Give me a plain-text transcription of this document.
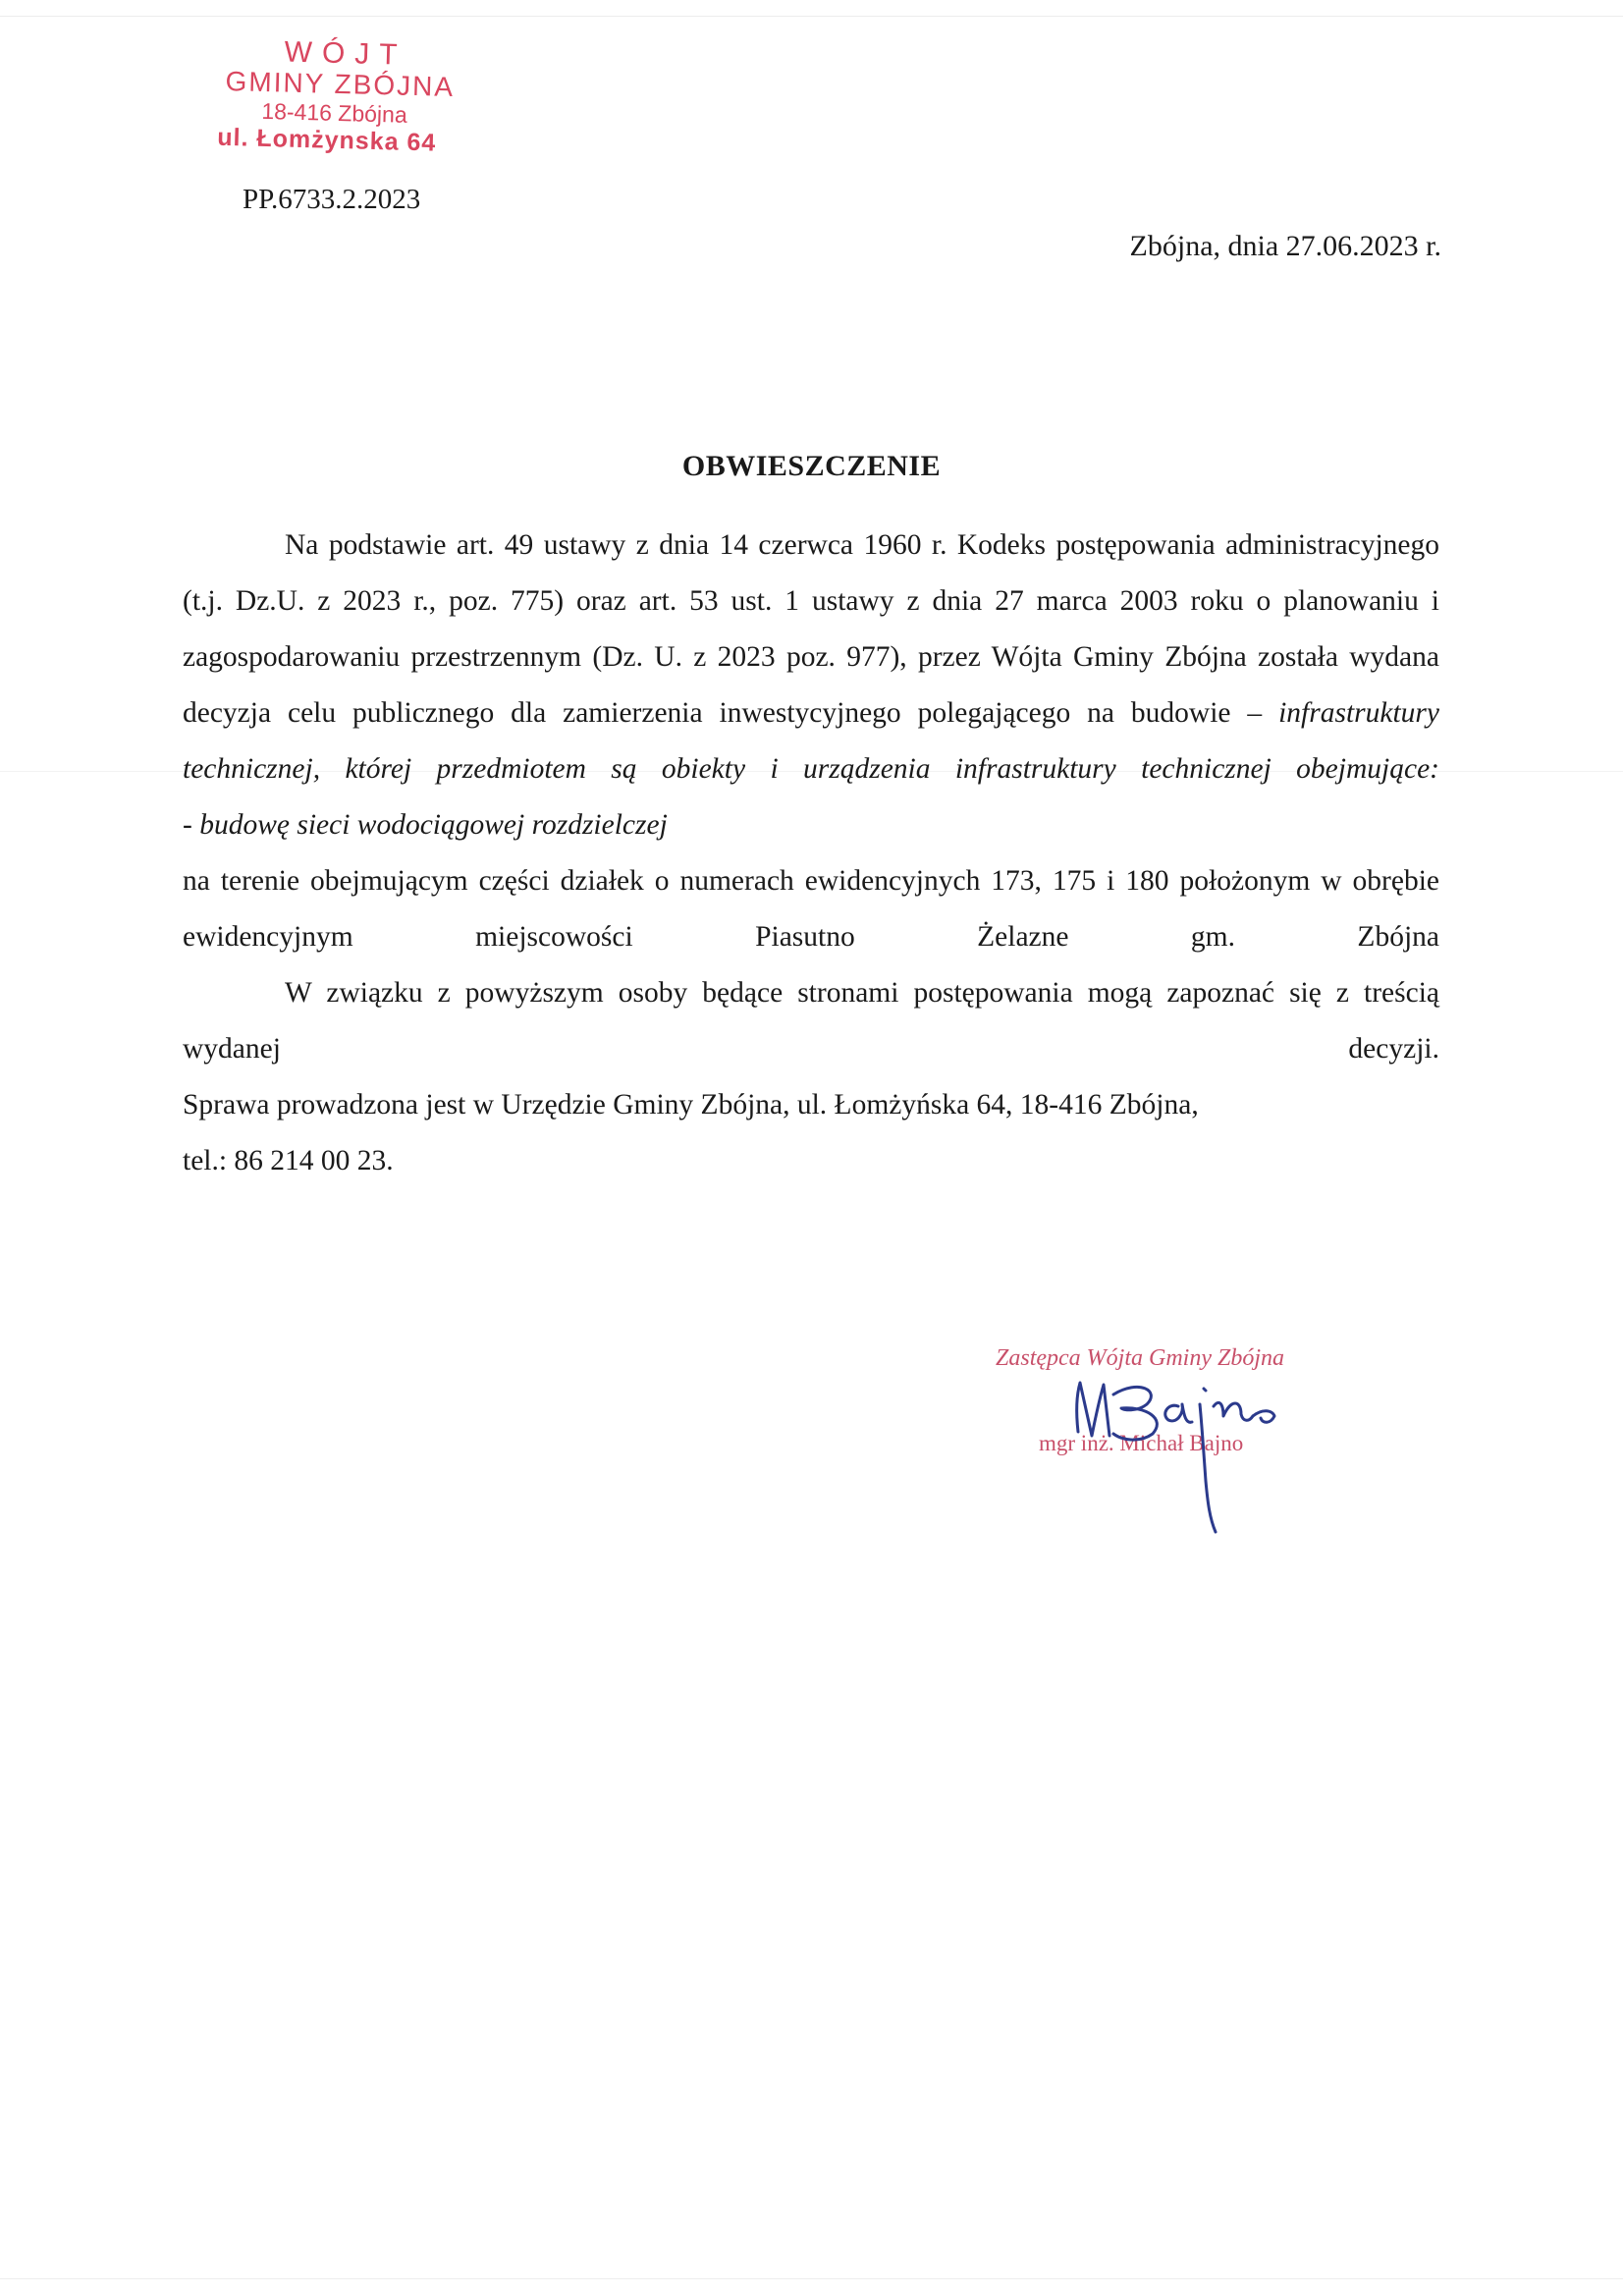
WÓJT
GMINY ZBÓJNA
18-416 Zbójna
ul. Łomżynska 64
PP.6733.2.2023
Zbójna, dnia 27.06.2023 r.
OBWIESZCZENIE

Na podstawie art. 49 ustawy z dnia 14 czerwca 1960 r. Kodeks postępowania administracyjnego (t.j. Dz.U. z 2023 r., poz. 775) oraz art. 53 ust. 1 ustawy z dnia 27 marca 2003 roku o planowaniu i zagospodarowaniu przestrzennym (Dz. U. z 2023 poz. 977), przez Wójta Gminy Zbójna została wydana decyzja celu publicznego dla zamierzenia inwestycyjnego polegającego na budowie – infrastruktury technicznej, której przedmiotem są obiekty i urządzenia infrastruktury technicznej obejmujące:

- budowę sieci wodociągowej rozdzielczej

na terenie obejmującym części działek o numerach ewidencyjnych 173, 175 i 180 położonym w obrębie ewidencyjnym miejscowości Piasutno Żelazne gm. Zbójna

W związku z powyższym osoby będące stronami postępowania mogą zapoznać się z treścią wydanej decyzji.

Sprawa prowadzona jest w Urzędzie Gminy Zbójna, ul. Łomżyńska 64, 18-416 Zbójna,

tel.: 86 214 00 23.

Zastępca Wójta Gminy Zbójna
mgr inż. Michał Bajno
